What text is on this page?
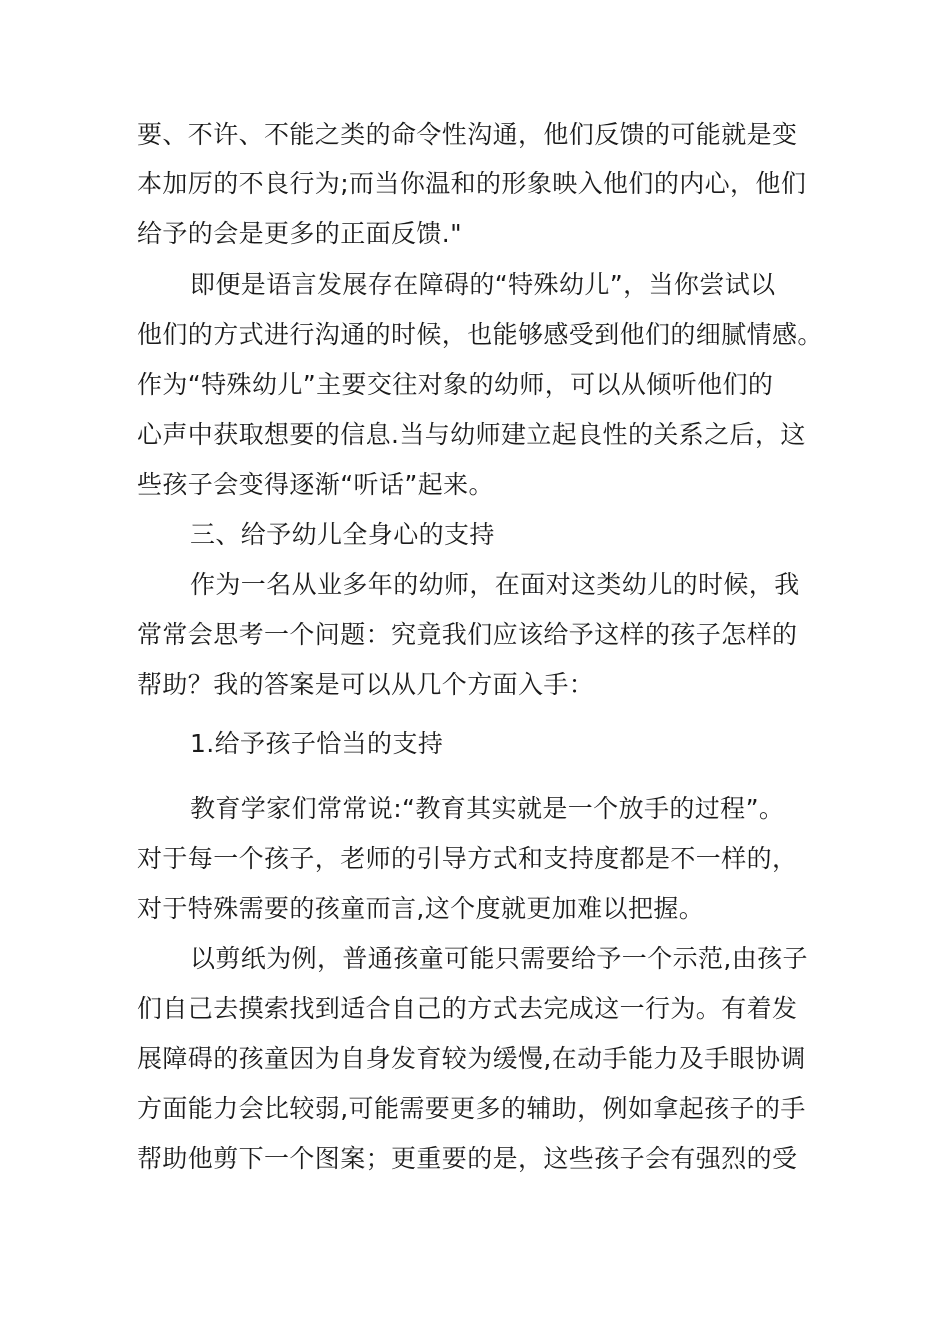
要、不许、不能之类的命令性沟通，他们反馈的可能就是变
本加厉的不良行为;而当你温和的形象映入他们的内心，他们
给予的会是更多的正面反馈."
即便是语言发展存在障碍的“特殊幼儿”，当你尝试以
他们的方式进行沟通的时候，也能够感受到他们的细腻情感。
作为“特殊幼儿”主要交往对象的幼师，可以从倾听他们的
心声中获取想要的信息.当与幼师建立起良性的关系之后，这
些孩子会变得逐渐“听话”起来。
三、给予幼儿全身心的支持
作为一名从业多年的幼师，在面对这类幼儿的时候，我
常常会思考一个问题：究竟我们应该给予这样的孩子怎样的
帮助？我的答案是可以从几个方面入手：
1.给予孩子恰当的支持
教育学家们常常说:“教育其实就是一个放手的过程”。
对于每一个孩子，老师的引导方式和支持度都是不一样的，
对于特殊需要的孩童而言,这个度就更加难以把握。
以剪纸为例，普通孩童可能只需要给予一个示范,由孩子
们自己去摸索找到适合自己的方式去完成这一行为。有着发
展障碍的孩童因为自身发育较为缓慢,在动手能力及手眼协调
方面能力会比较弱,可能需要更多的辅助，例如拿起孩子的手
帮助他剪下一个图案；更重要的是，这些孩子会有强烈的受
